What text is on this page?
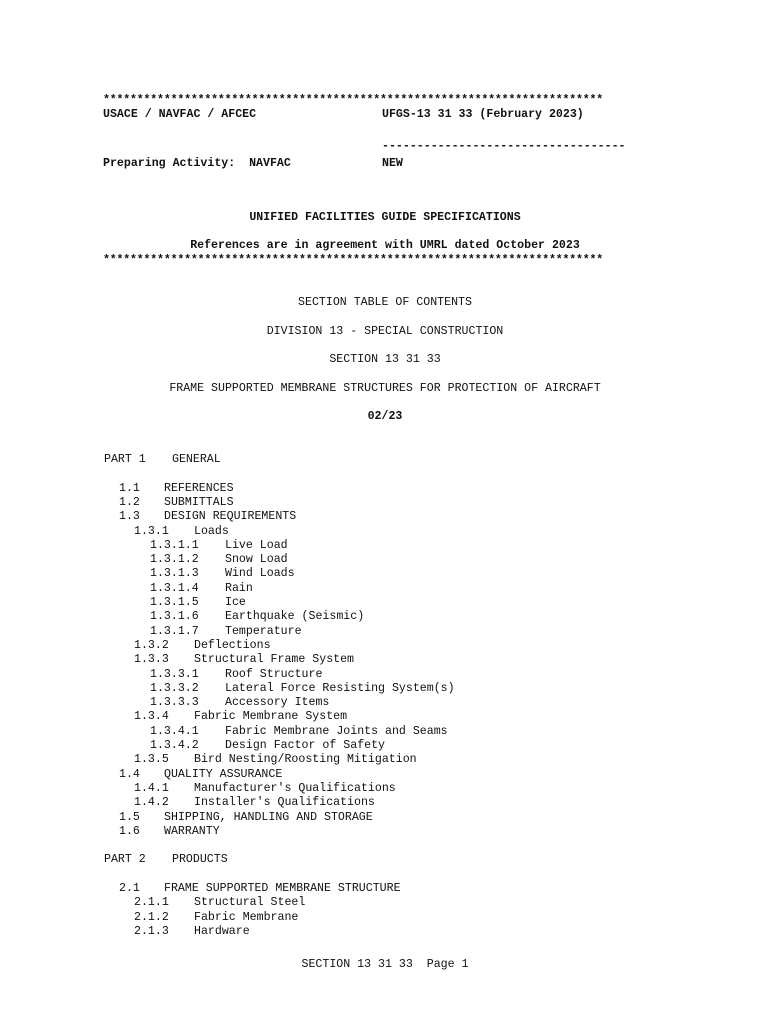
**************************************************************************
USACE / NAVFAC / AFCEC	UFGS-13 31 33 (February 2023)
-----------------------------------
Preparing Activity:  NAVFAC	NEW
UNIFIED FACILITIES GUIDE SPECIFICATIONS
References are in agreement with UMRL dated October 2023
**************************************************************************
SECTION TABLE OF CONTENTS
DIVISION 13 - SPECIAL CONSTRUCTION
SECTION 13 31 33
FRAME SUPPORTED MEMBRANE STRUCTURES FOR PROTECTION OF AIRCRAFT
02/23
PART 1 GENERAL
1.1 REFERENCES
1.2 SUBMITTALS
1.3 DESIGN REQUIREMENTS
1.3.1 Loads
1.3.1.1 Live Load
1.3.1.2 Snow Load
1.3.1.3 Wind Loads
1.3.1.4 Rain
1.3.1.5 Ice
1.3.1.6 Earthquake (Seismic)
1.3.1.7 Temperature
1.3.2 Deflections
1.3.3 Structural Frame System
1.3.3.1 Roof Structure
1.3.3.2 Lateral Force Resisting System(s)
1.3.3.3 Accessory Items
1.3.4 Fabric Membrane System
1.3.4.1 Fabric Membrane Joints and Seams
1.3.4.2 Design Factor of Safety
1.3.5 Bird Nesting/Roosting Mitigation
1.4 QUALITY ASSURANCE
1.4.1 Manufacturer's Qualifications
1.4.2 Installer's Qualifications
1.5 SHIPPING, HANDLING AND STORAGE
1.6 WARRANTY
PART 2 PRODUCTS
2.1 FRAME SUPPORTED MEMBRANE STRUCTURE
2.1.1 Structural Steel
2.1.2 Fabric Membrane
2.1.3 Hardware
SECTION 13 31 33  Page 1
